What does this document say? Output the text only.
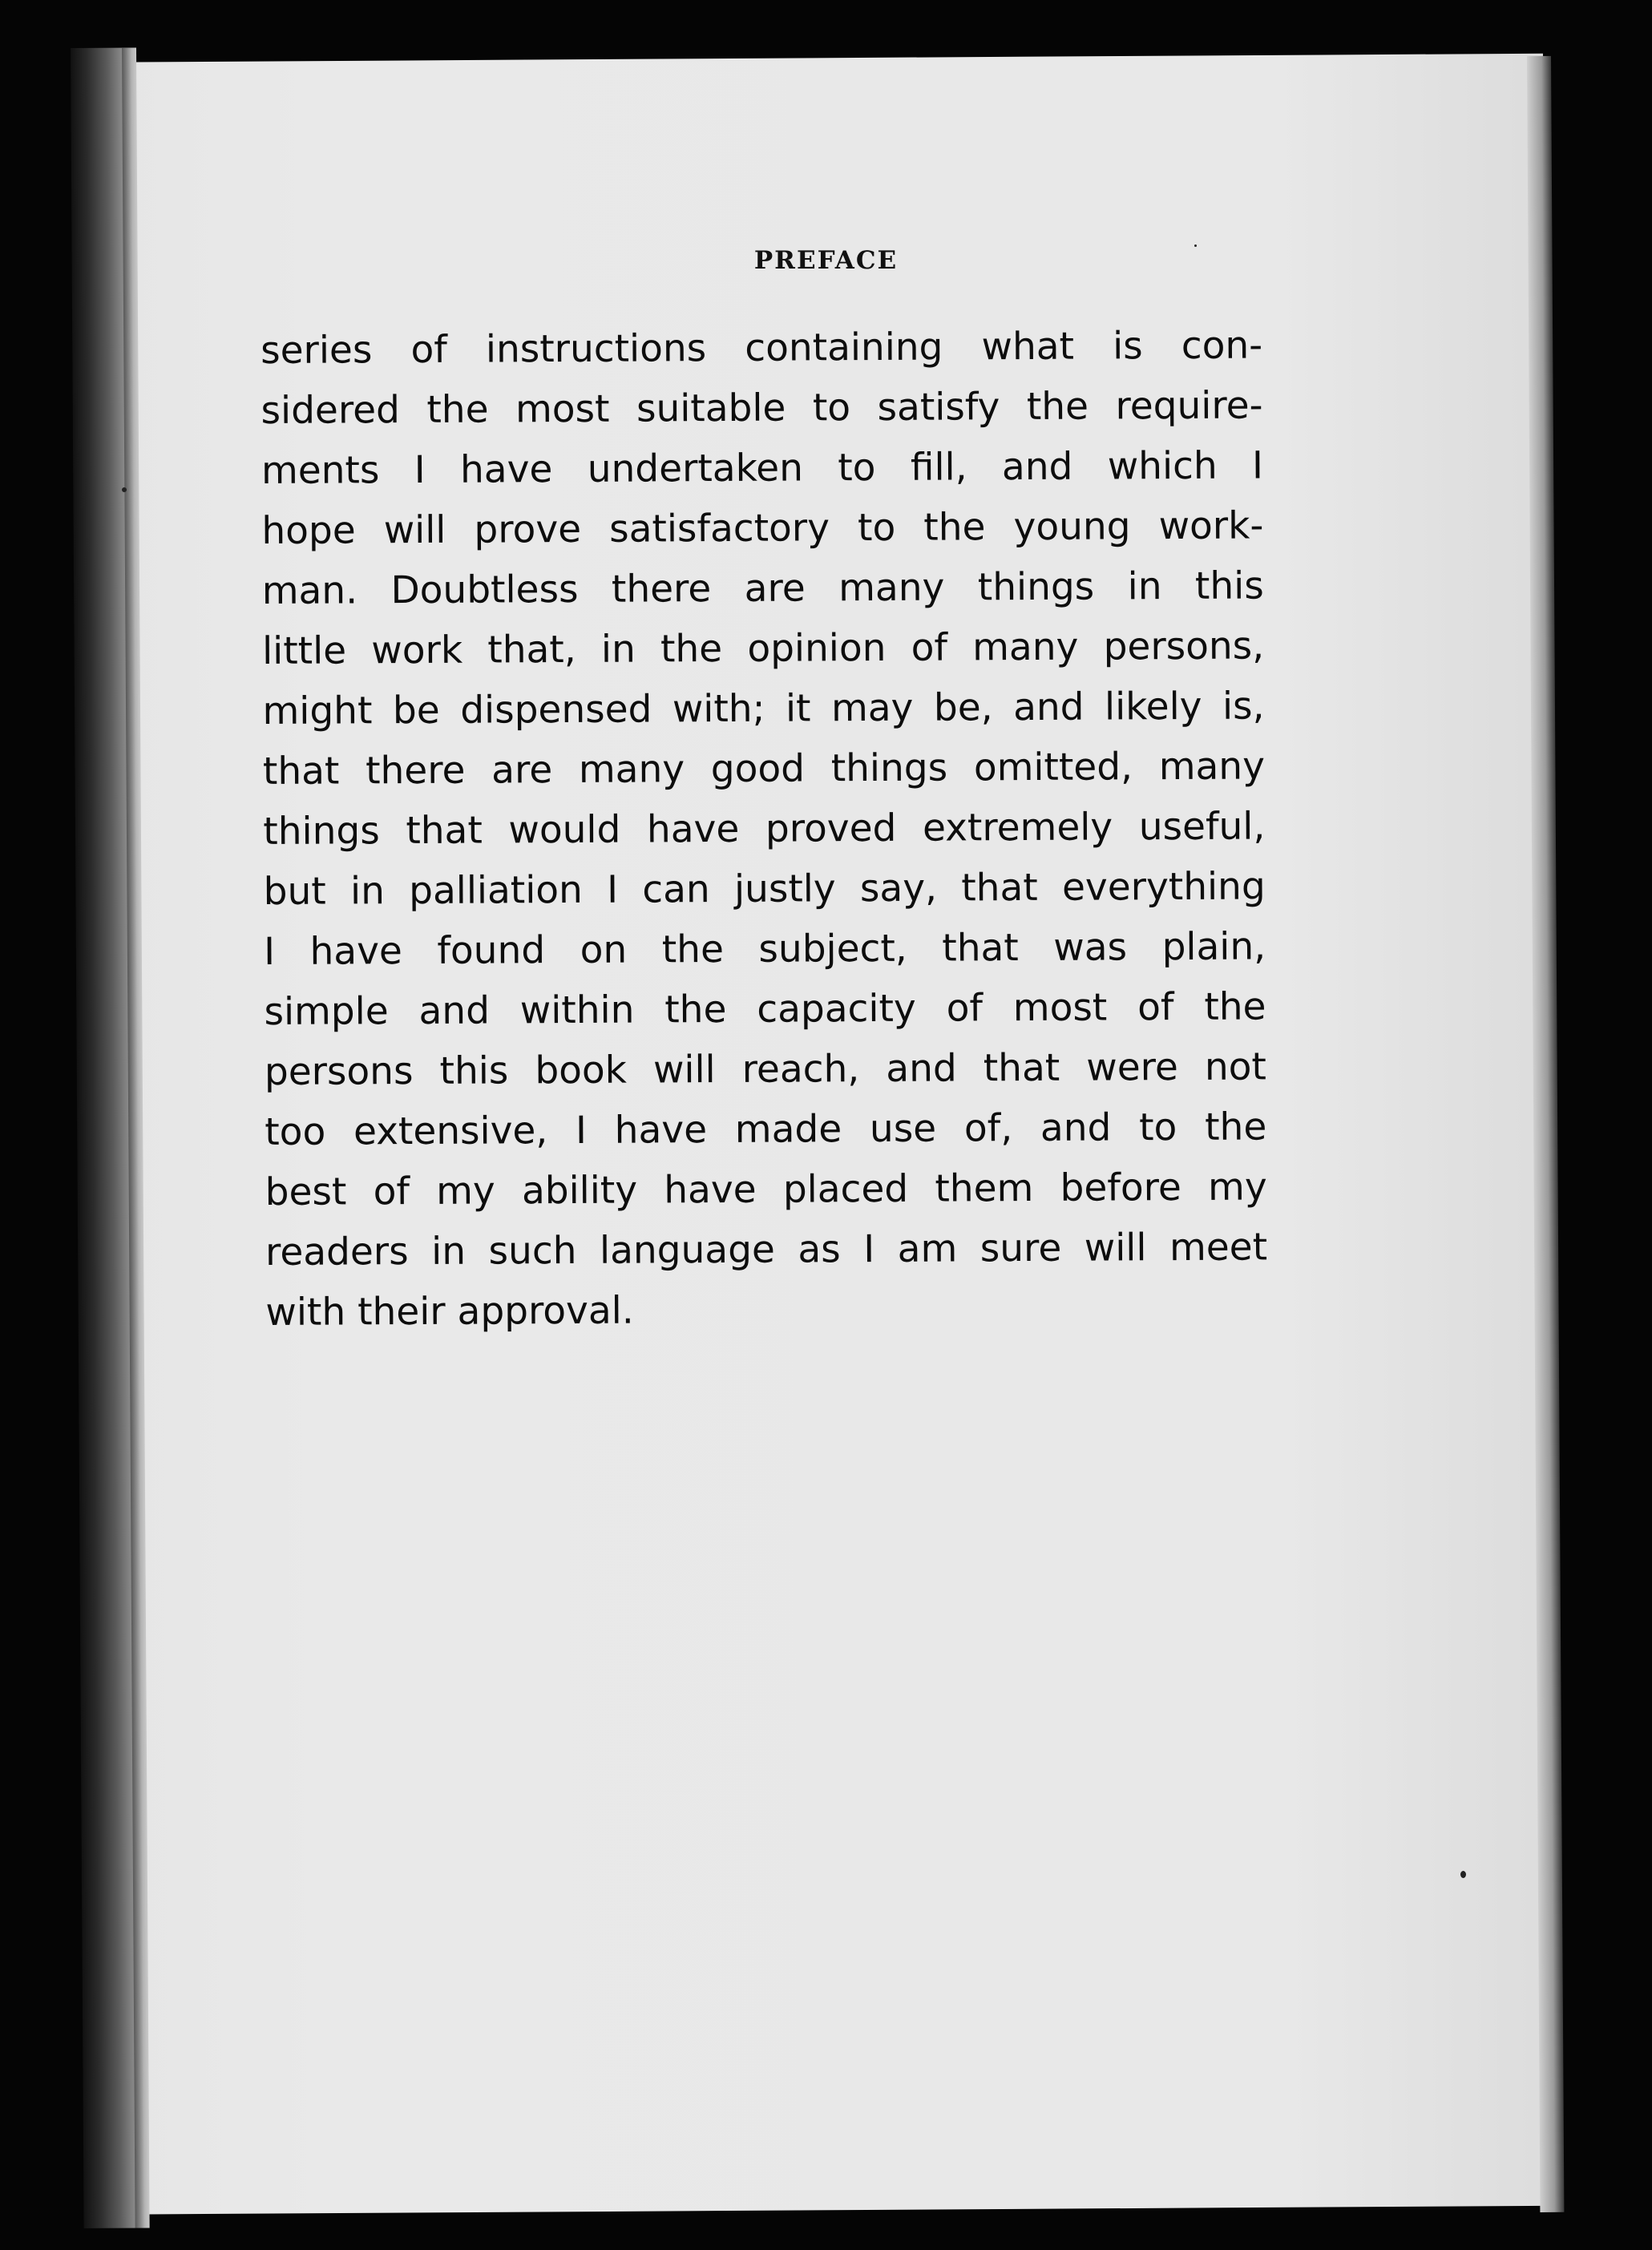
PREFACE
series of instructions containing what is con-
sidered the most suitable to satisfy the require-
ments I have undertaken to fill, and which I
hope will prove satisfactory to the young work-
man. Doubtless there are many things in this
little work that, in the opinion of many persons,
might be dispensed with; it may be, and likely is,
that there are many good things omitted, many
things that would have proved extremely useful,
but in palliation I can justly say, that everything
I have found on the subject, that was plain,
simple and within the capacity of most of the
persons this book will reach, and that were not
too extensive, I have made use of, and to the
best of my ability have placed them before my
readers in such language as I am sure will meet
with their approval.
